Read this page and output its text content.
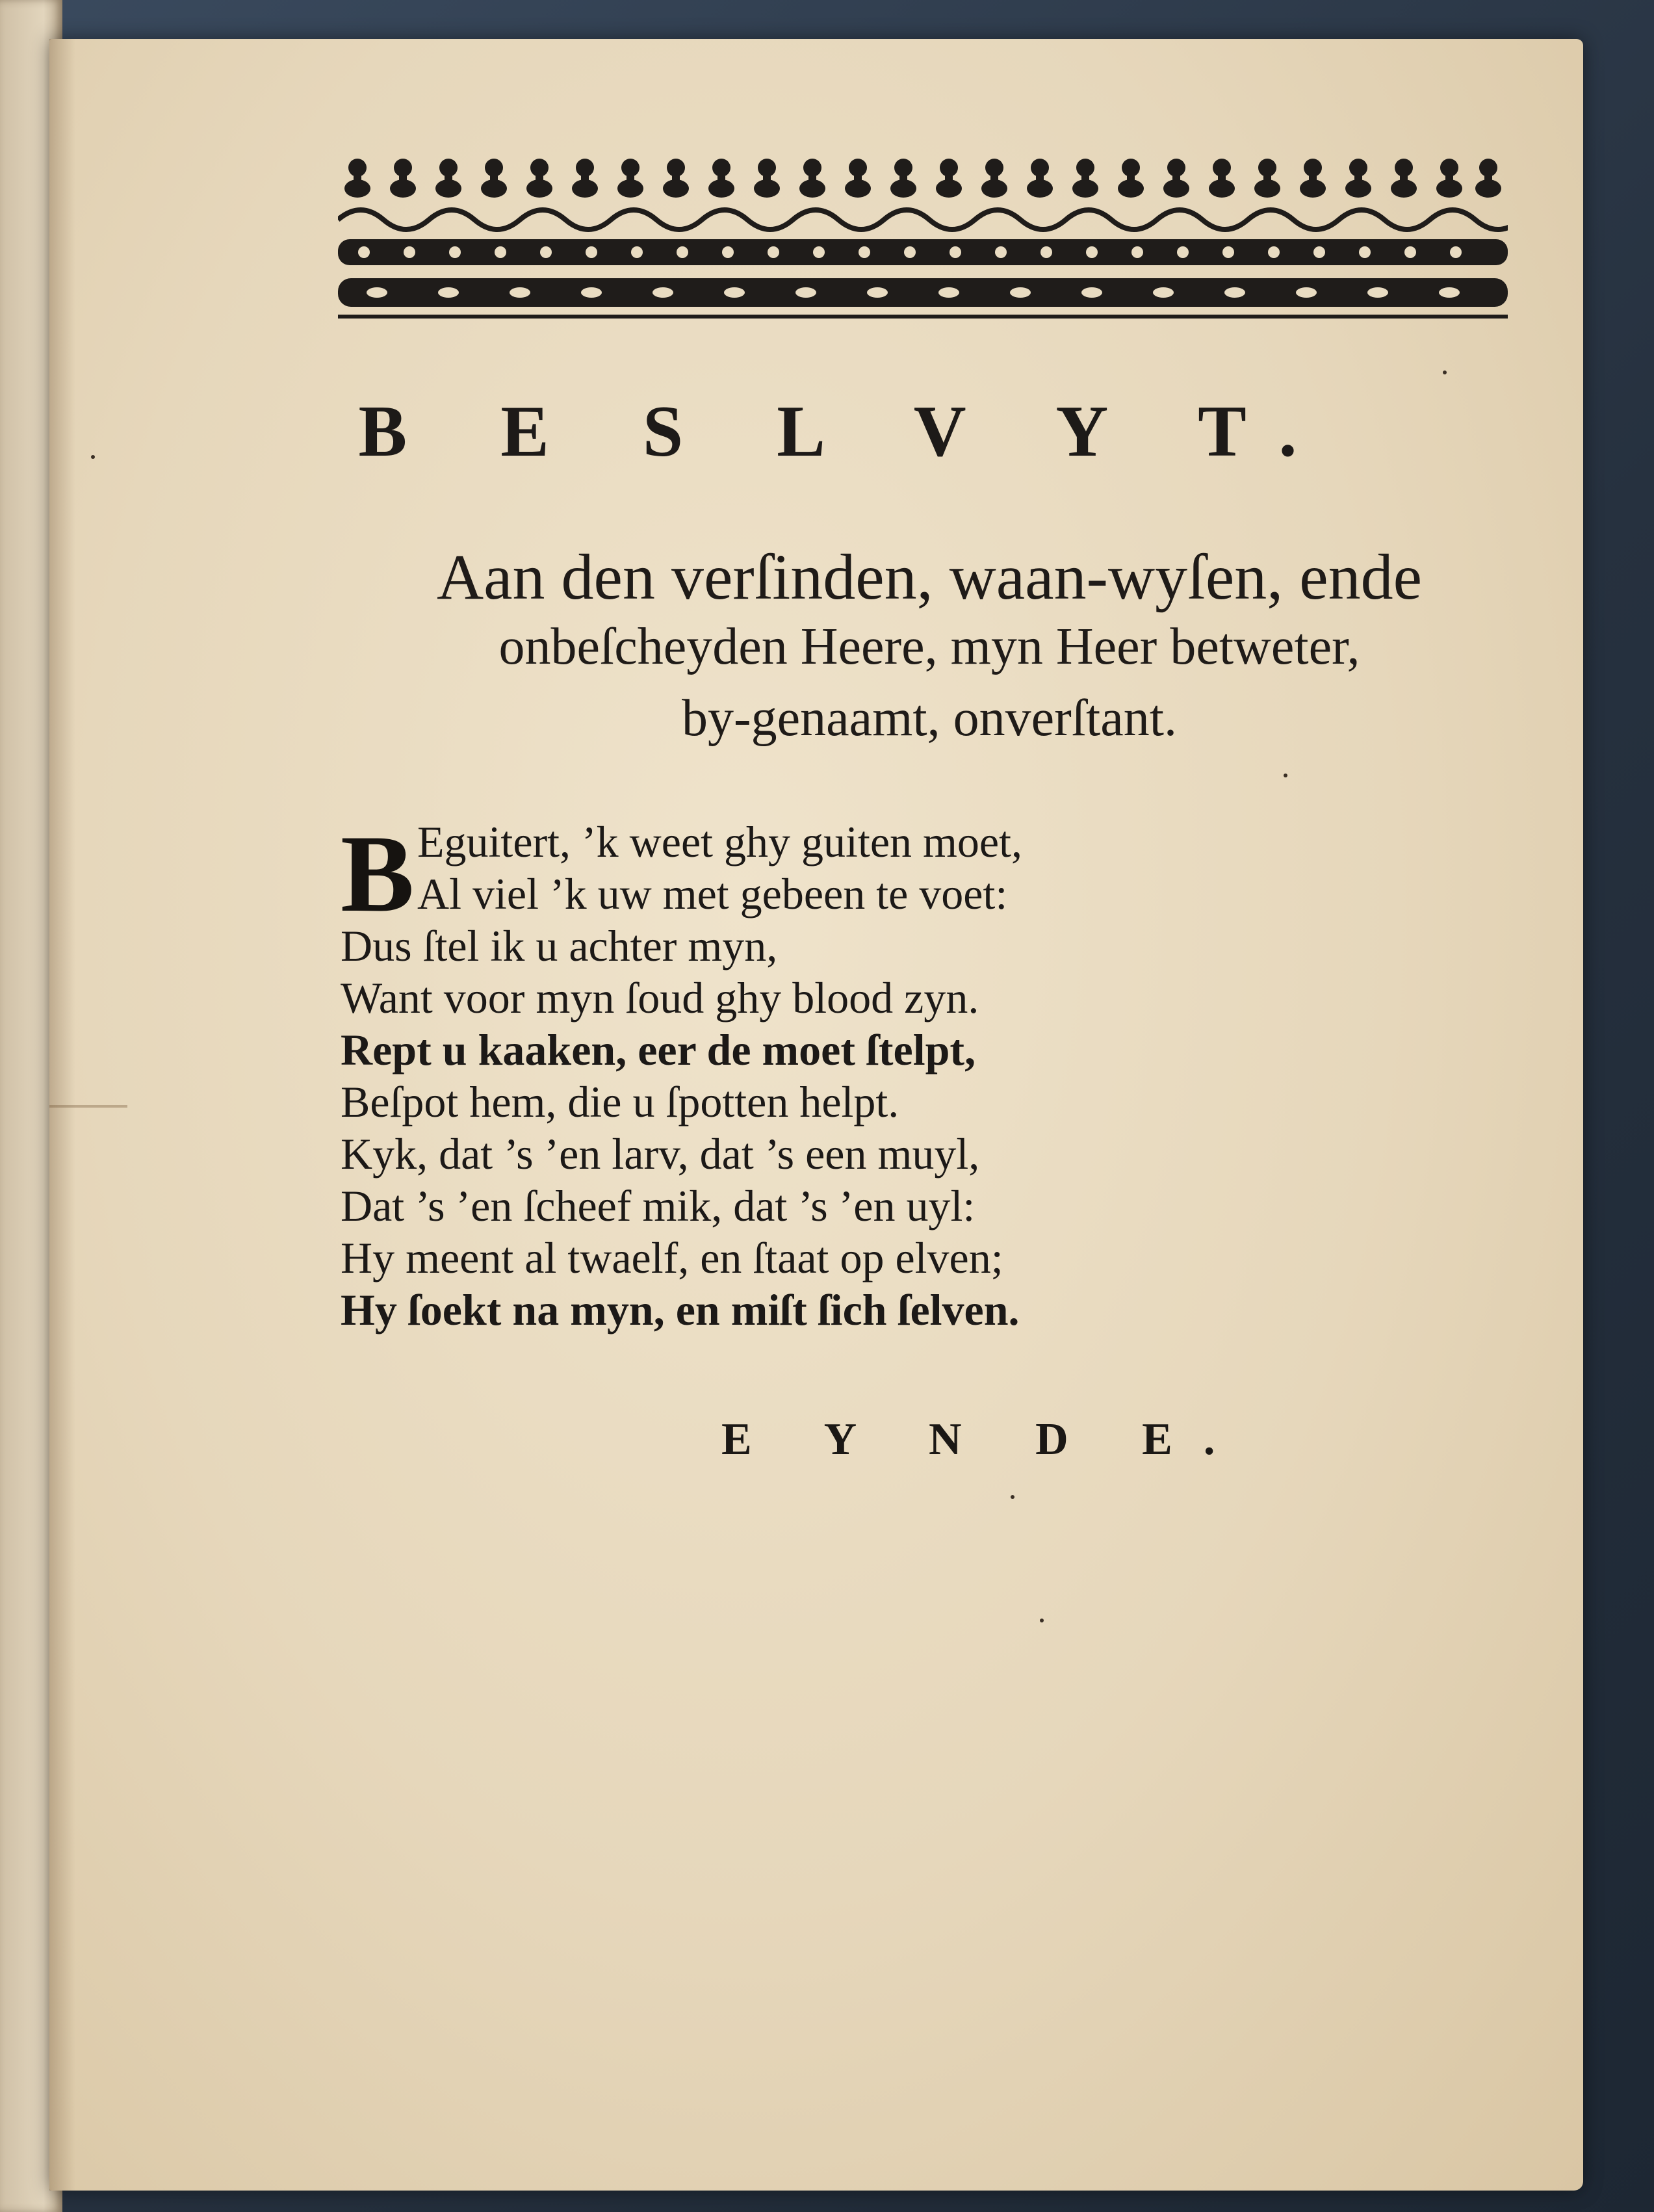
B E S L V Y T.
Aan den verſinden, waan-wyſen, ende
onbeſcheyden Heere, myn Heer betweter,
by-genaamt, onverſtant.
B Eguitert, ’k weet ghy guiten moet,
Al viel ’k uw met gebeen te voet:
Dus ſtel ik u achter myn,
Want voor myn ſoud ghy blood zyn.
Rept u kaaken, eer de moet ſtelpt,
Beſpot hem, die u ſpotten helpt.
Kyk, dat ’s ’en larv, dat ’s een muyl,
Dat ’s ’en ſcheef mik, dat ’s ’en uyl:
Hy meent al twaelf, en ſtaat op elven;
Hy ſoekt na myn, en miſt ſich ſelven.
E Y N D E.
